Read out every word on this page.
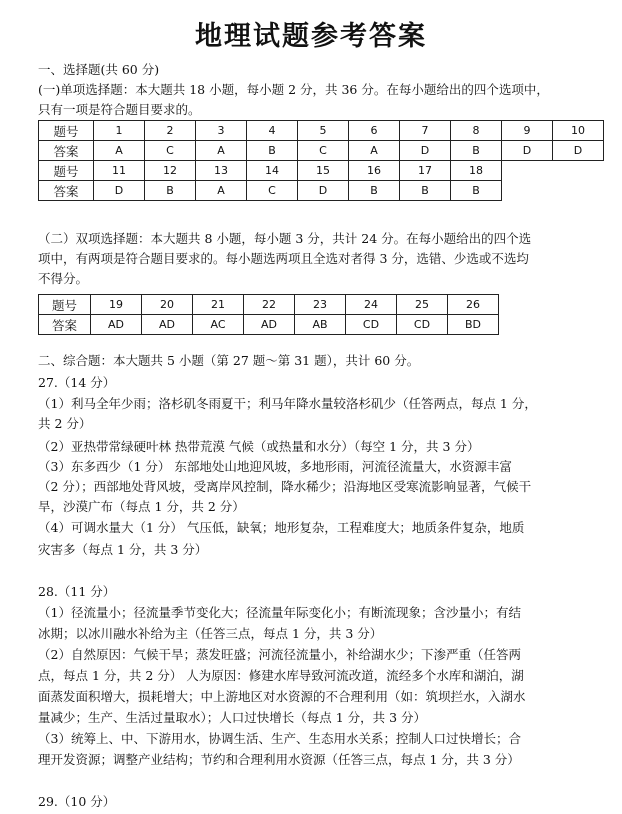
地理试题参考答案
一、选择题(共 60 分)
(一)单项选择题：本大题共 18 小题，每小题 2 分，共 36 分。在每小题给出的四个选项中，
只有一项是符合题目要求的。
题号	1	2	3	4	5	6	7	8	9	10
答案	A	C	A	B	C	A	D	B	D	D
题号	11	12	13	14	15	16	17	18		
答案	D	B	A	C	D	B	B	B		
（二）双项选择题：本大题共 8 小题，每小题 3 分，共计 24 分。在每小题给出的四个选
项中，有两项是符合题目要求的。每小题选两项且全选对者得 3 分，选错、少选或不选均
不得分。
题号	19	20	21	22	23	24	25	26
答案	AD	AD	AC	AD	AB	CD	CD	BD
二、综合题：本大题共 5 小题（第 27 题～第 31 题），共计 60 分。
27.（14 分）
（1）利马全年少雨；洛杉矶冬雨夏干；利马年降水量较洛杉矶少（任答两点，每点 1 分，
共 2 分）
（2）亚热带常绿硬叶林 热带荒漠 气候（或热量和水分）（每空 1 分，共 3 分）
（3）东多西少（1 分） 东部地处山地迎风坡，多地形雨，河流径流量大，水资源丰富
（2 分）；西部地处背风坡，受离岸风控制，降水稀少；沿海地区受寒流影响显著，气候干
旱，沙漠广布（每点 1 分，共 2 分）
（4）可调水量大（1 分） 气压低，缺氧；地形复杂，工程难度大；地质条件复杂，地质
灾害多（每点 1 分，共 3 分）
28.（11 分）
（1）径流量小；径流量季节变化大；径流量年际变化小；有断流现象；含沙量小；有结
冰期；以冰川融水补给为主（任答三点，每点 1 分，共 3 分）
（2）自然原因：气候干旱；蒸发旺盛；河流径流量小，补给湖水少；下渗严重（任答两
点，每点 1 分，共 2 分） 人为原因：修建水库导致河流改道，流经多个水库和湖泊，湖
面蒸发面积增大，损耗增大；中上游地区对水资源的不合理利用（如：筑坝拦水，入湖水
量减少；生产、生活过量取水）；人口过快增长（每点 1 分，共 3 分）
（3）统筹上、中、下游用水，协调生活、生产、生态用水关系；控制人口过快增长；合
理开发资源；调整产业结构；节约和合理利用水资源（任答三点，每点 1 分，共 3 分）
29.（10 分）
